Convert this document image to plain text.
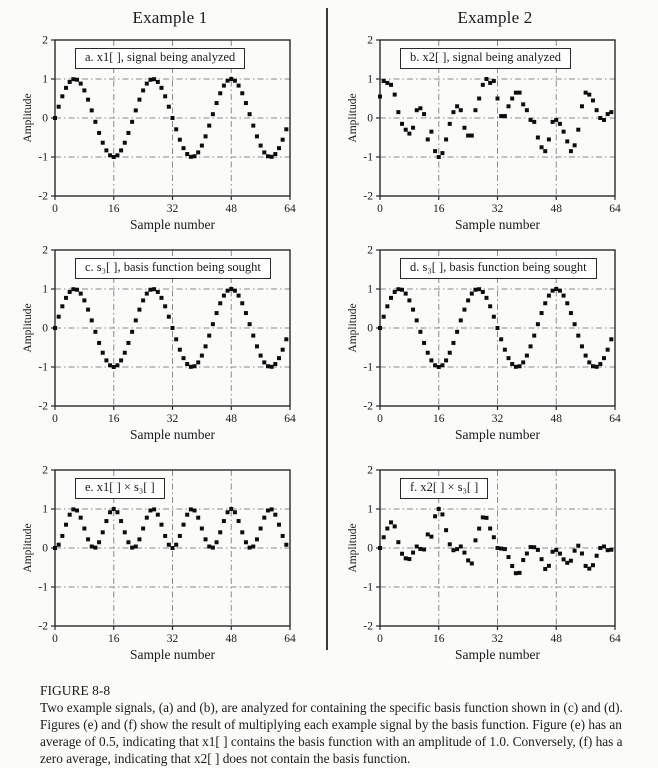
Example 1	Example 2
0	16	32	48	64
2
1
0
-1
-2
Sample number
Amplitude
a. x1[ ], signal being analyzed
0	16	32	48	64
2
1
0
-1
-2
Sample number
Amplitude
b. x2[ ], signal being analyzed
0	16	32	48	64
2
1
0
-1
-2
Sample number
Amplitude
c. s₃[ ], basis function being sought
0	16	32	48	64
2
1
0
-1
-2
Sample number
Amplitude
d. s₃[ ], basis function being sought
0	16	32	48	64
2
1
0
-1
-2
Sample number
Amplitude
e. x1[ ] × s₃[ ]
0	16	32	48	64
2
1
0
-1
-2
Sample number
Amplitude
f. x2[ ] × s₃[ ]
FIGURE 8-8
Two example signals, (a) and (b), are analyzed for containing the specific basis function shown in (c) and (d). Figures (e) and (f) show the result of multiplying each example signal by the basis function. Figure (e) has an average of 0.5, indicating that x1[ ] contains the basis function with an amplitude of 1.0. Conversely, (f) has a zero average, indicating that x2[ ] does not contain the basis function.
